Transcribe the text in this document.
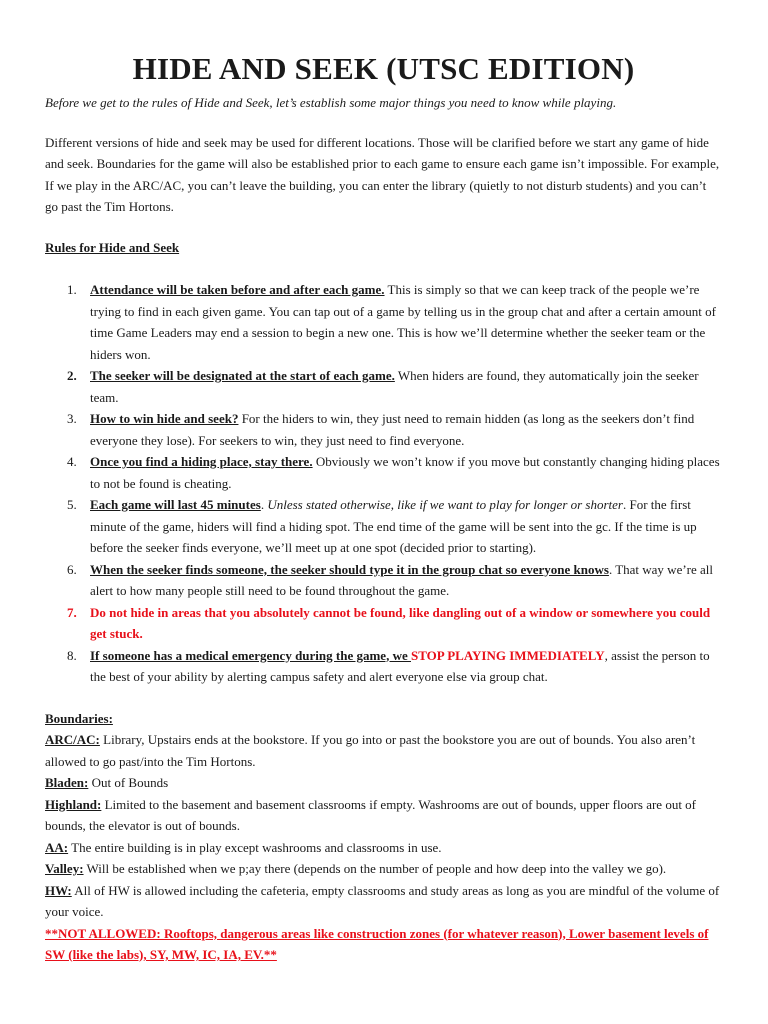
HIDE AND SEEK (UTSC EDITION)

Before we get to the rules of Hide and Seek, let’s establish some major things you need to know while playing.

Different versions of hide and seek may be used for different locations. Those will be clarified before we start any game of hide and seek. Boundaries for the game will also be established prior to each game to ensure each game isn’t impossible. For example, If we play in the ARC/AC, you can’t leave the building, you can enter the library (quietly to not disturb students) and you can’t go past the Tim Hortons.

Rules for Hide and Seek

1. Attendance will be taken before and after each game. This is simply so that we can keep track of the people we’re trying to find in each given game. You can tap out of a game by telling us in the group chat and after a certain amount of time Game Leaders may end a session to begin a new one. This is how we’ll determine whether the seeker team or the hiders won.
2. The seeker will be designated at the start of each game. When hiders are found, they automatically join the seeker team.
3. How to win hide and seek? For the hiders to win, they just need to remain hidden (as long as the seekers don’t find everyone they lose). For seekers to win, they just need to find everyone.
4. Once you find a hiding place, stay there. Obviously we won’t know if you move but constantly changing hiding places to not be found is cheating.
5. Each game will last 45 minutes. Unless stated otherwise, like if we want to play for longer or shorter. For the first minute of the game, hiders will find a hiding spot. The end time of the game will be sent into the gc. If the time is up before the seeker finds everyone, we’ll meet up at one spot (decided prior to starting).
6. When the seeker finds someone, the seeker should type it in the group chat so everyone knows. That way we’re all alert to how many people still need to be found throughout the game.
7. Do not hide in areas that you absolutely cannot be found, like dangling out of a window or somewhere you could get stuck.
8. If someone has a medical emergency during the game, we STOP PLAYING IMMEDIATELY, assist the person to the best of your ability by alerting campus safety and alert everyone else via group chat.

Boundaries:

ARC/AC: Library, Upstairs ends at the bookstore. If you go into or past the bookstore you are out of bounds. You also aren’t allowed to go past/into the Tim Hortons.

Bladen: Out of Bounds

Highland: Limited to the basement and basement classrooms if empty. Washrooms are out of bounds, upper floors are out of bounds, the elevator is out of bounds.

AA: The entire building is in play except washrooms and classrooms in use.

Valley: Will be established when we p;ay there (depends on the number of people and how deep into the valley we go).

HW: All of HW is allowed including the cafeteria, empty classrooms and study areas as long as you are mindful of the volume of your voice.

**NOT ALLOWED: Rooftops, dangerous areas like construction zones (for whatever reason), Lower basement levels of SW (like the labs), SY, MW, IC, IA, EV.**
